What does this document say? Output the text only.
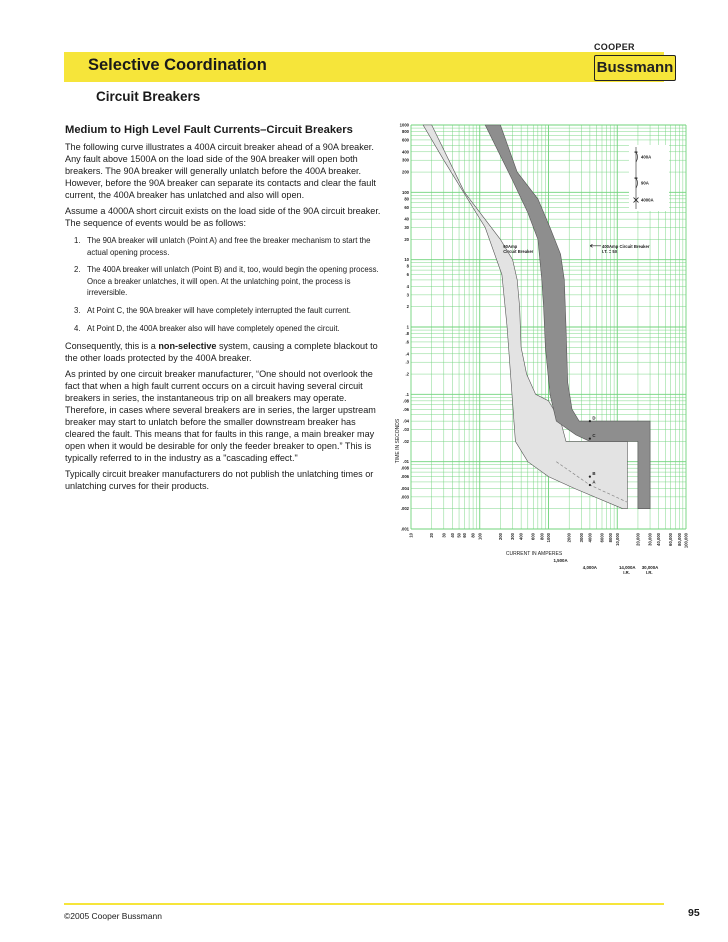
Selective Coordination
COOPER
Bussmann
Circuit Breakers
Medium to High Level Fault Currents–Circuit Breakers

The following curve illustrates a 400A circuit breaker ahead of a 90A breaker. Any fault above 1500A on the load side of the 90A breaker will open both breakers. The 90A breaker will generally unlatch before the 400A breaker. However, before the 90A breaker can separate its contacts and clear the fault current, the 400A breaker has unlatched and also will open.

Assume a 4000A short circuit exists on the load side of the 90A circuit breaker. The sequence of events would be as follows:

1. The 90A breaker will unlatch (Point A) and free the breaker mechanism to start the actual opening process.
2. The 400A breaker will unlatch (Point B) and it, too, would begin the opening process. Once a breaker unlatches, it will open. At the unlatching point, the process is irreversible.
3. At Point C, the 90A breaker will have completely interrupted the fault current.
4. At Point D, the 400A breaker also will have completely opened the circuit.

Consequently, this is a non-selective system, causing a complete blackout to the other loads protected by the 400A breaker.

As printed by one circuit breaker manufacturer, “One should not overlook the fact that when a high fault current occurs on a circuit having several circuit breakers in series, the instantaneous trip on all breakers may operate. Therefore, in cases where several breakers are in series, the larger upstream breaker may start to unlatch before the smaller downstream breaker has cleared the fault. This means that for faults in this range, a main breaker may open when it would be desirable for only the feeder breaker to open.” This is typically referred to in the industry as a "cascading effect."

Typically circuit breaker manufacturers do not publish the unlatching times or unlatching curves for their products.

90Amp
Circuit Breaker
400Amp Circuit Breaker
I.T. = 5X
A
B
C
D
1000
800
600
400
300
200
100
80
60
40
30
20
10
8
6
4
3
2
1
.8
.6
.4
.3
.2
.1
.08
.06
.04
.03
.02
.01
.008
.006
.004
.003
.002
.001
10	20 30 40 50 60 80 100	200 300 400 600 800 1000	2000 3000 4000 6000 8000 10,000	20,000 30,000 40,000 60,000 80,000 100,000
1,500A
4,000A	14,000A
I.R.
30,000A
I.R.
400A
90A
4000A
TIME IN SECONDS
CURRENT IN AMPERES
©2005 Cooper Bussmann	95
